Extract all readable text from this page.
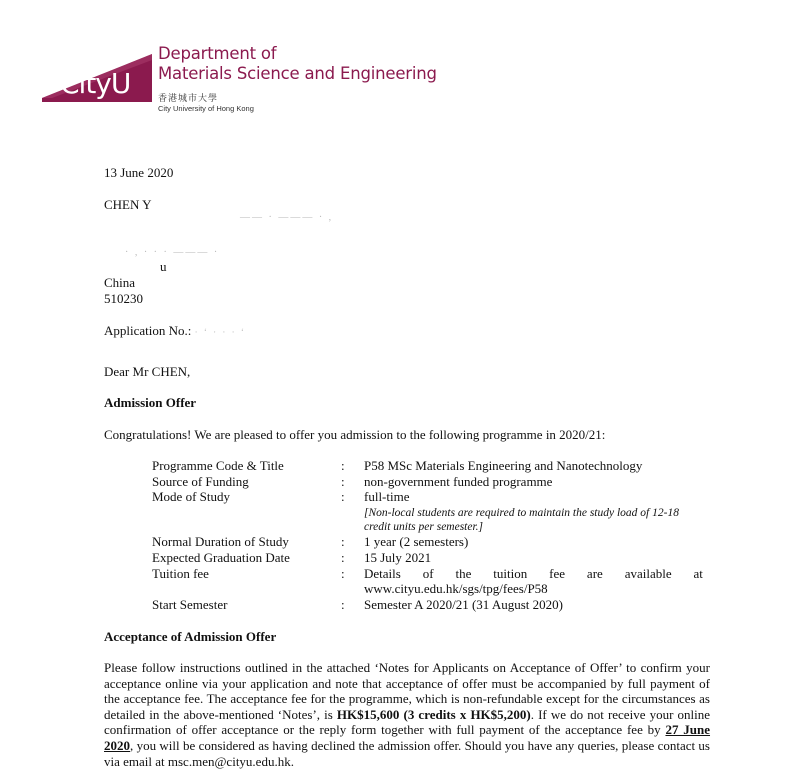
CityU
Department of
Materials Science and Engineering
香港城市大學
City University of Hong Kong
13 June 2020
CHEN Y
—— · ——— · ,
· , · · · ——— ·
u
China
510230
Application No.: · ‘ · · · ‘
Dear Mr CHEN,
Admission Offer
Congratulations! We are pleased to offer you admission to the following programme in 2020/21:
Programme Code & Title	: P58 MSc Materials Engineering and Nanotechnology
Source of Funding	: non-government funded programme
Mode of Study	: full-time
[Non-local students are required to maintain the study load of 12-18
credit units per semester.]
Normal Duration of Study	: 1 year (2 semesters)
Expected Graduation Date	: 15 July 2021
Tuition fee	: Details of the tuition fee are available at
www.cityu.edu.hk/sgs/tpg/fees/P58
Start Semester	: Semester A 2020/21 (31 August 2020)
Acceptance of Admission Offer
Please follow instructions outlined in the attached ‘Notes for Applicants on Acceptance of Offer’ to confirm your acceptance online via your application and note that acceptance of offer must be accompanied by full payment of the acceptance fee. The acceptance fee for the programme, which is non-refundable except for the circumstances as detailed in the above-mentioned ‘Notes’, is HK$15,600 (3 credits x HK$5,200). If we do not receive your online confirmation of offer acceptance or the reply form together with full payment of the acceptance fee by 27 June 2020, you will be considered as having declined the admission offer. Should you have any queries, please contact us via email at msc.men@cityu.edu.hk.
